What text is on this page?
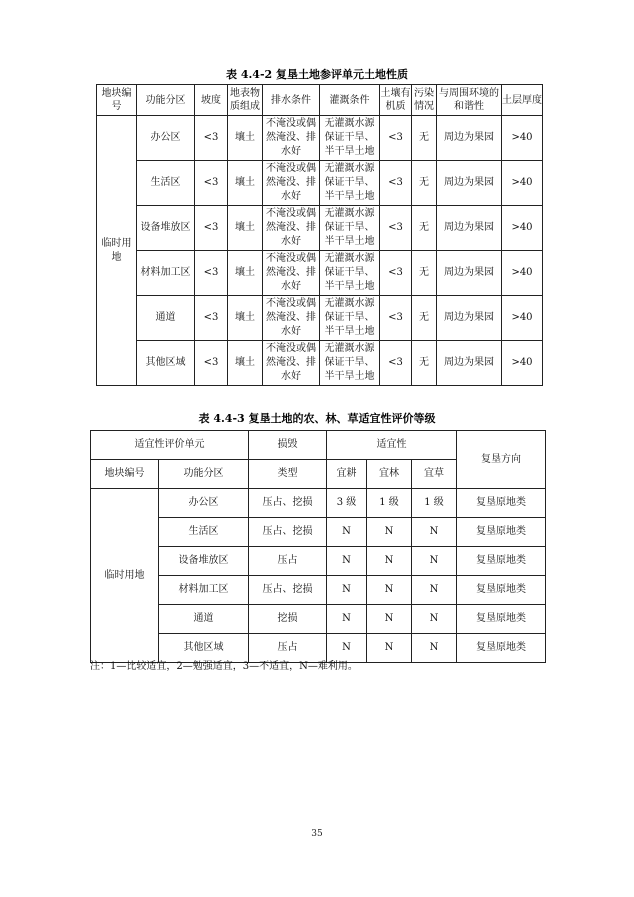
表 4.4-2 复垦土地参评单元土地性质
地块编号	功能分区	坡度	地表物质组成	排水条件	灌溉条件	土壤有机质	污染情况	与周围环境的和谐性	土层厚度
临时用地	办公区	<3	壤土	不淹没或偶然淹没、排水好	无灌溉水源保证干旱、半干旱土地	<3	无	周边为果园	>40
	生活区	<3	壤土	不淹没或偶然淹没、排水好	无灌溉水源保证干旱、半干旱土地	<3	无	周边为果园	>40
	设备堆放区	<3	壤土	不淹没或偶然淹没、排水好	无灌溉水源保证干旱、半干旱土地	<3	无	周边为果园	>40
	材料加工区	<3	壤土	不淹没或偶然淹没、排水好	无灌溉水源保证干旱、半干旱土地	<3	无	周边为果园	>40
	通道	<3	壤土	不淹没或偶然淹没、排水好	无灌溉水源保证干旱、半干旱土地	<3	无	周边为果园	>40
	其他区域	<3	壤土	不淹没或偶然淹没、排水好	无灌溉水源保证干旱、半干旱土地	<3	无	周边为果园	>40
表 4.4-3 复垦土地的农、林、草适宜性评价等级
适宜性评价单元		损毁	适宜性			复垦方向
地块编号	功能分区	类型	宜耕	宜林	宜草	
临时用地	办公区	压占、挖损	3 级	1 级	1 级	复垦原地类
	生活区	压占、挖损	N	N	N	复垦原地类
	设备堆放区	压占	N	N	N	复垦原地类
	材料加工区	压占、挖损	N	N	N	复垦原地类
	通道	挖损	N	N	N	复垦原地类
	其他区域	压占	N	N	N	复垦原地类
注：1—比较适宜，2—勉强适宜，3—不适宜，N—难利用。
35
